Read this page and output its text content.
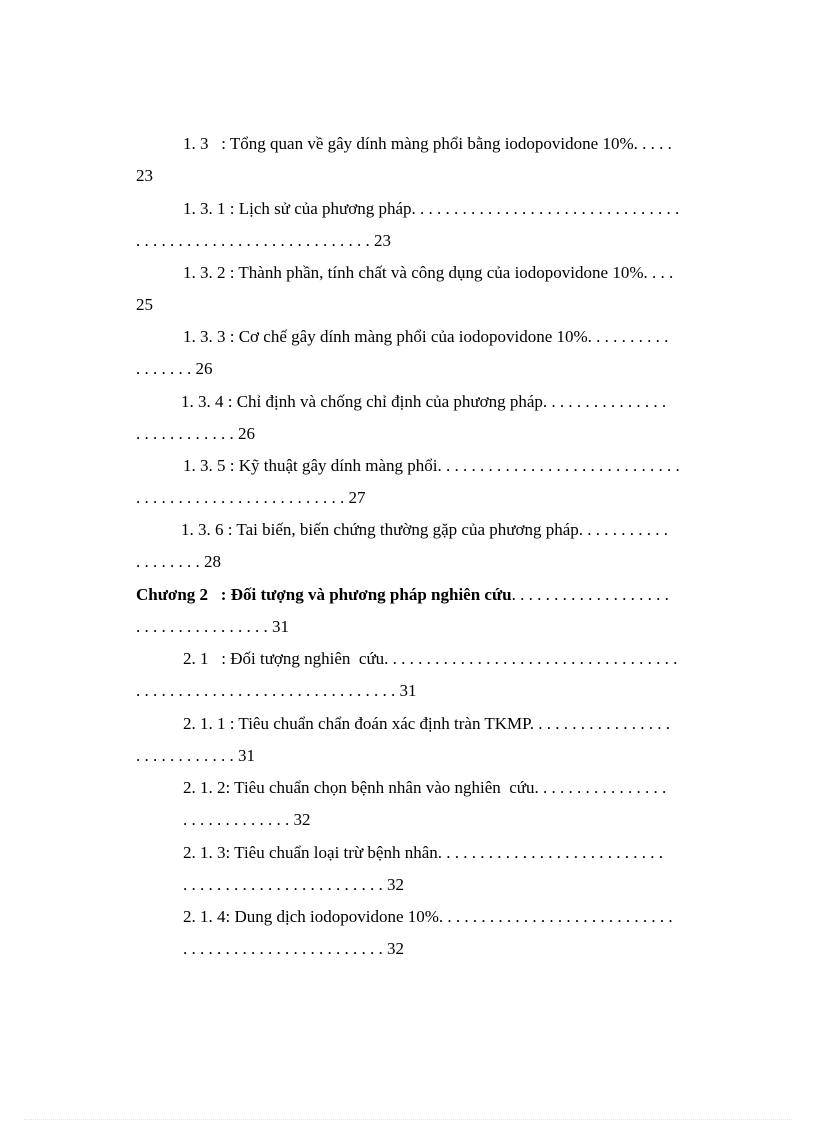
1. 3   : Tổng quan về gây dính màng phổi bằng iodopovidone 10%. . . . .
23
1. 3. 1 : Lịch sử của phương pháp. . . . . . . . . . . . . . . . . . . . . . . . . . . . . . . .
. . . . . . . . . . . . . . . . . . . . . . . . . . . . 23
1. 3. 2 : Thành phần, tính chất và công dụng của iodopovidone 10%. . . .
25
1. 3. 3 : Cơ chế gây dính màng phổi của iodopovidone 10%. . . . . . . . . .
. . . . . . . 26
1. 3. 4 : Chỉ định và chống chỉ định của phương pháp. . . . . . . . . . . . . . .
. . . . . . . . . . . . 26
1. 3. 5 : Kỹ thuật gây dính màng phổi. . . . . . . . . . . . . . . . . . . . . . . . . . . . .
. . . . . . . . . . . . . . . . . . . . . . . . . 27
1. 3. 6 : Tai biến, biến chứng thường gặp của phương pháp. . . . . . . . . . .
. . . . . . . . 28
Chương 2   : Đối tượng và phương pháp nghiên cứu. . . . . . . . . . . . . . . . . . .
. . . . . . . . . . . . . . . . 31
2. 1   : Đối tượng nghiên  cứu. . . . . . . . . . . . . . . . . . . . . . . . . . . . . . . . . . .
. . . . . . . . . . . . . . . . . . . . . . . . . . . . . . . 31
2. 1. 1 : Tiêu chuẩn chẩn đoán xác định tràn TKMP. . . . . . . . . . . . . . . . .
. . . . . . . . . . . . 31
2. 1. 2: Tiêu chuẩn chọn bệnh nhân vào nghiên  cứu. . . . . . . . . . . . . . . .
. . . . . . . . . . . . . 32
2. 1. 3: Tiêu chuẩn loại trừ bệnh nhân. . . . . . . . . . . . . . . . . . . . . . . . . . .
. . . . . . . . . . . . . . . . . . . . . . . . 32
2. 1. 4: Dung dịch iodopovidone 10%. . . . . . . . . . . . . . . . . . . . . . . . . . . .
. . . . . . . . . . . . . . . . . . . . . . . . 32
